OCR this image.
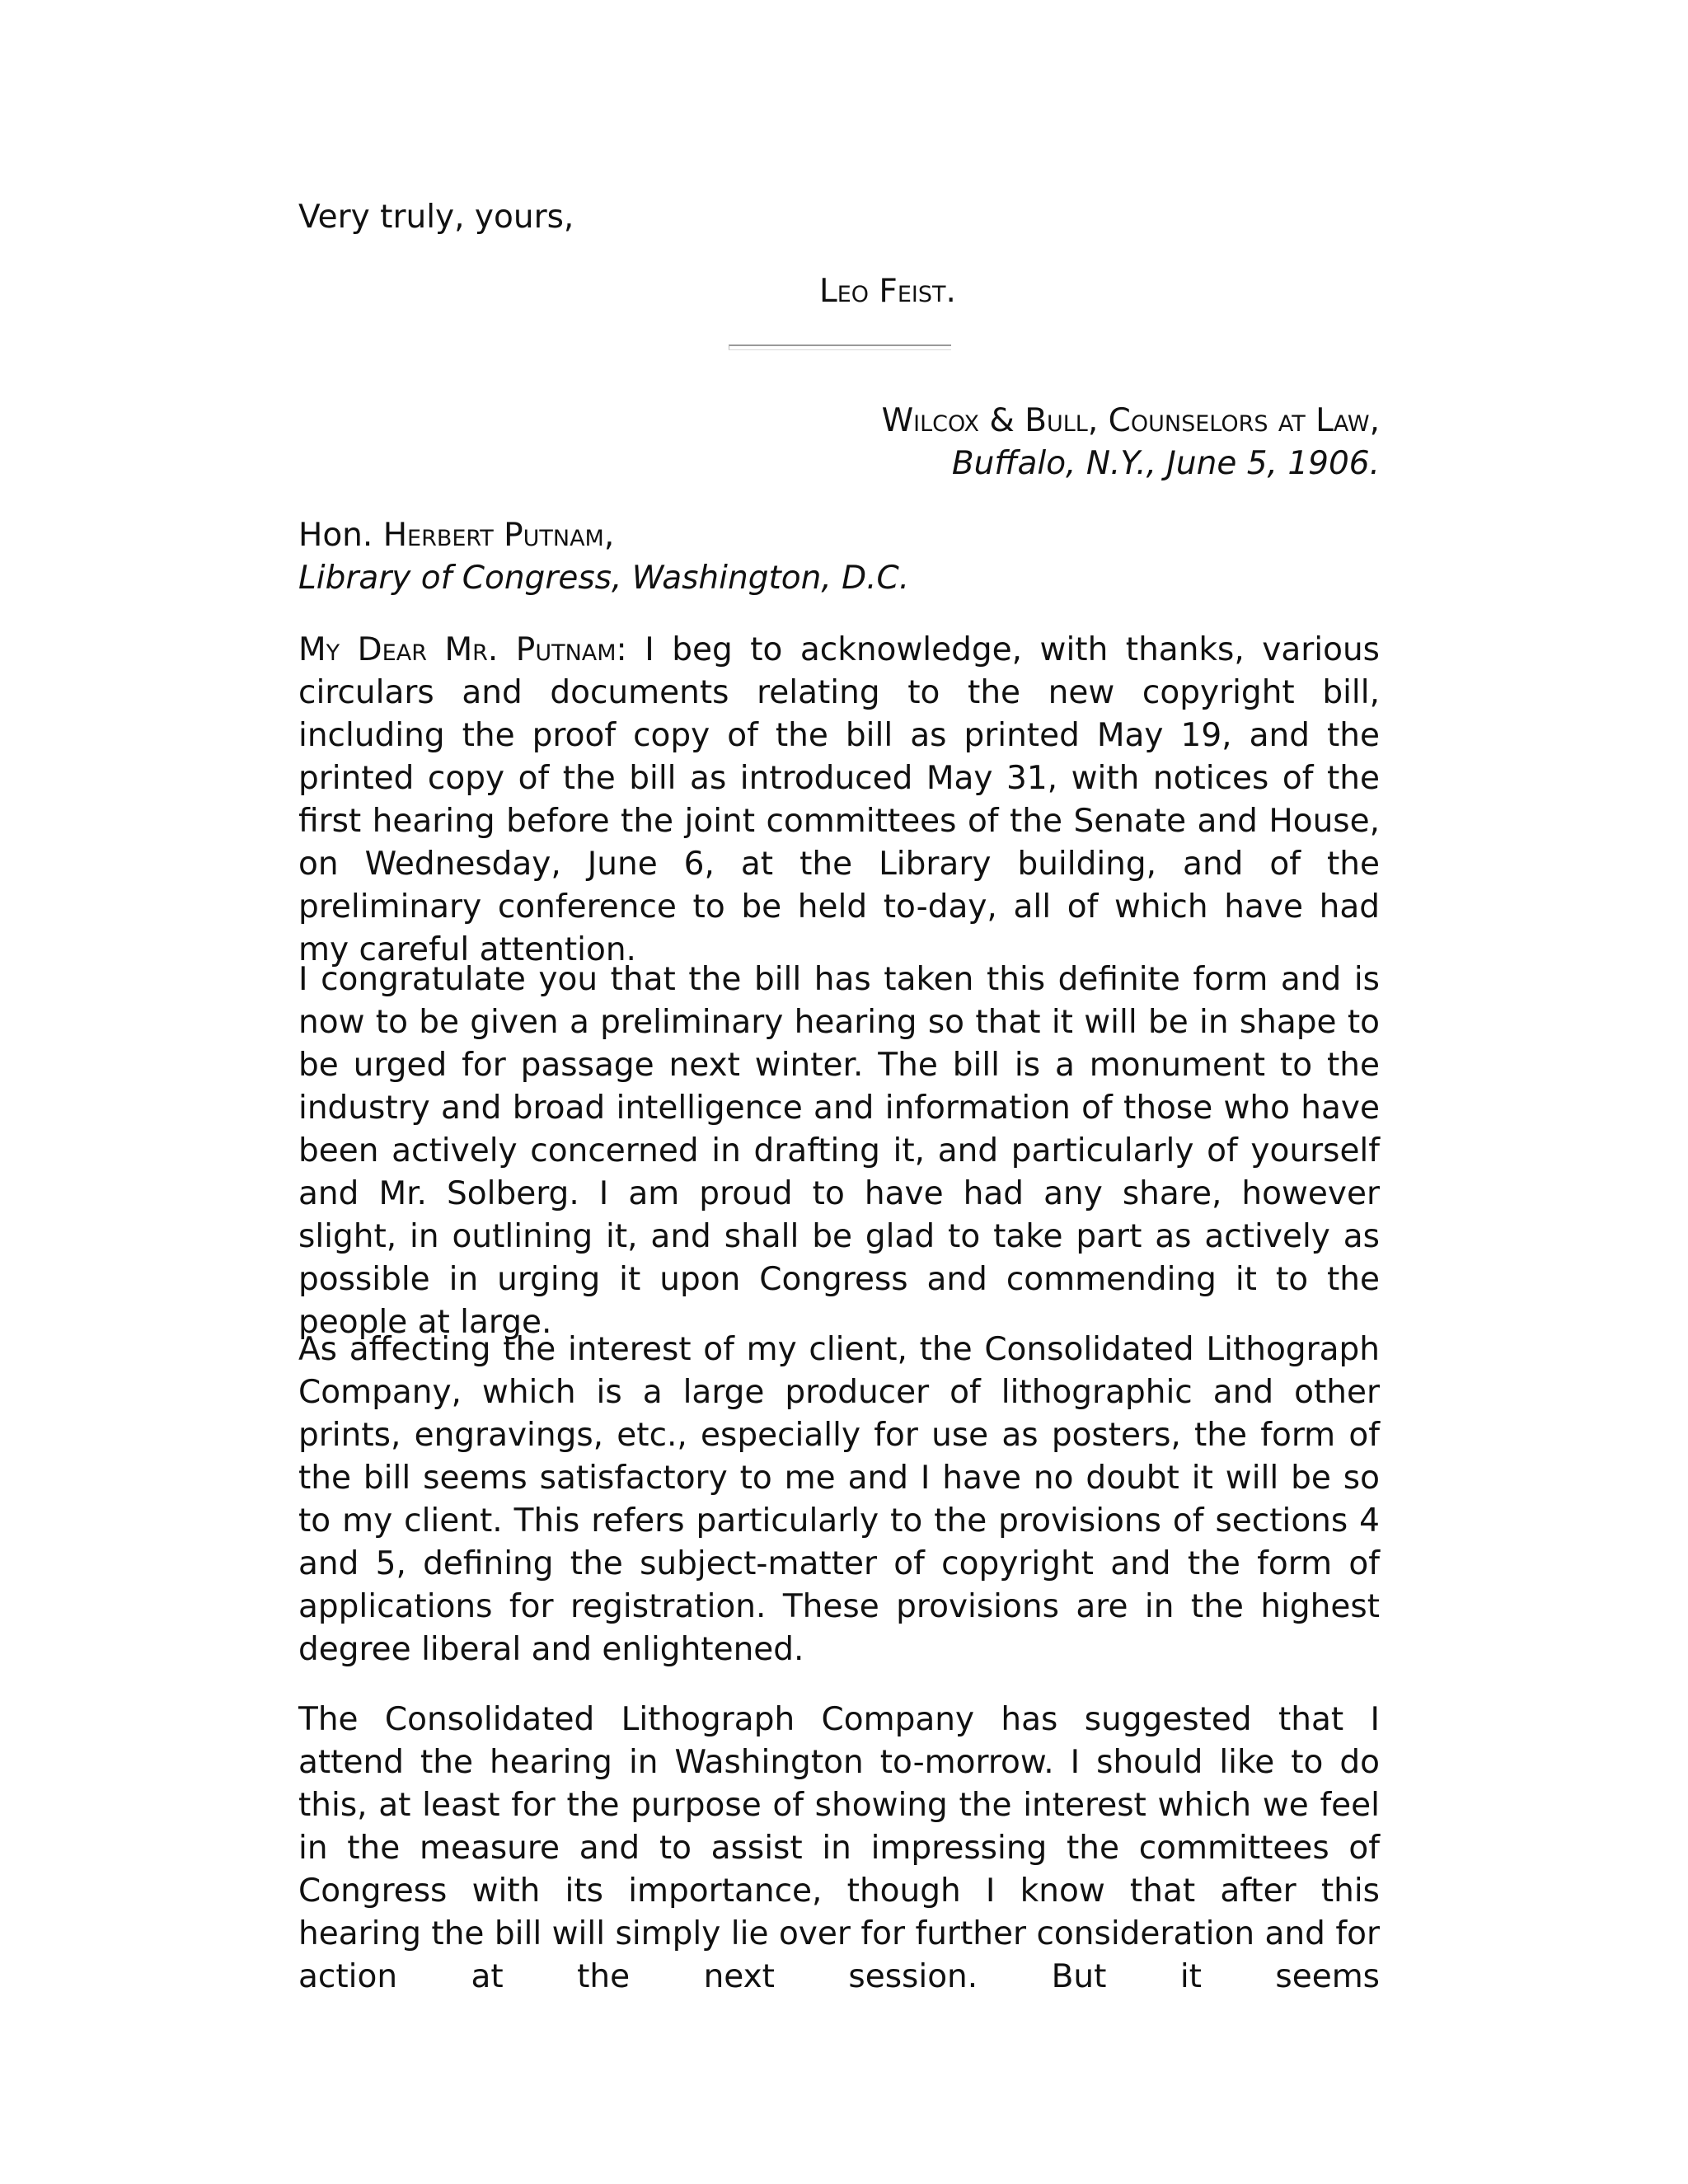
Very truly, yours,
Leo Feist.
Wilcox & Bull, Counselors at Law,
Buffalo, N.Y., June 5, 1906.
Hon. Herbert Putnam,
Library of Congress, Washington, D.C.

My Dear Mr. Putnam: I beg to acknowledge, with thanks, various circulars and documents relating to the new copyright bill, including the proof copy of the bill as printed May 19, and the printed copy of the bill as introduced May 31, with notices of the first hearing before the joint committees of the Senate and House, on Wednesday, June 6, at the Library building, and of the preliminary conference to be held to-day, all of which have had my careful attention.

I congratulate you that the bill has taken this definite form and is now to be given a preliminary hearing so that it will be in shape to be urged for passage next winter. The bill is a monument to the industry and broad intelligence and information of those who have been actively concerned in drafting it, and particularly of yourself and Mr. Solberg. I am proud to have had any share, however slight, in outlining it, and shall be glad to take part as actively as possible in urging it upon Congress and commending it to the people at large.

As affecting the interest of my client, the Consolidated Lithograph Company, which is a large producer of lithographic and other prints, engravings, etc., especially for use as posters, the form of the bill seems satisfactory to me and I have no doubt it will be so to my client. This refers particularly to the provisions of sections 4 and 5, defining the subject-matter of copyright and the form of applications for registration. These provisions are in the highest degree liberal and enlightened.

The Consolidated Lithograph Company has suggested that I attend the hearing in Washington to-morrow. I should like to do this, at least for the purpose of showing the interest which we feel in the measure and to assist in impressing the committees of Congress with its importance, though I know that after this hearing the bill will simply lie over for further consideration and for action at the next session. But it seems
